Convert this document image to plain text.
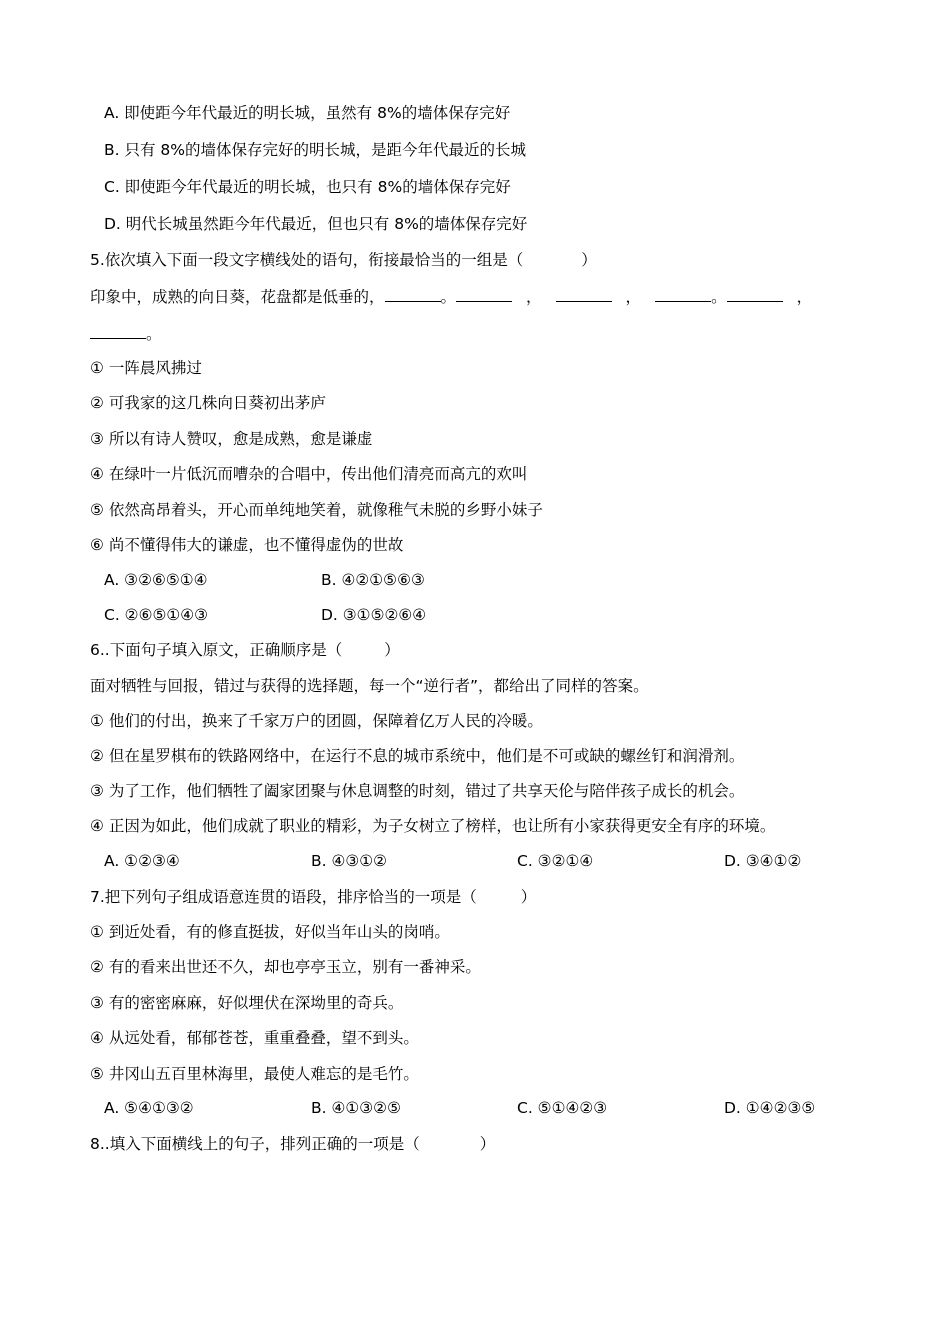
A. 即使距今年代最近的明长城，虽然有 8%的墙体保存完好
B. 只有 8%的墙体保存完好的明长城，是距今年代最近的长城
C. 即使距今年代最近的明长城，也只有 8%的墙体保存完好
D. 明代长城虽然距今年代最近，但也只有 8%的墙体保存完好
5.依次填入下面一段文字横线处的语句，衔接最恰当的一组是（	）
印象中，成熟的向日葵，花盘都是低垂的，	。	，	，	。	，
。
① 一阵晨风拂过
② 可我家的这几株向日葵初出茅庐
③ 所以有诗人赞叹，愈是成熟，愈是谦虚
④ 在绿叶一片低沉而嘈杂的合唱中，传出他们清亮而高亢的欢叫
⑤ 依然高昂着头，开心而单纯地笑着，就像稚气未脱的乡野小妹子
⑥ 尚不懂得伟大的谦虚，也不懂得虚伪的世故
A. ③②⑥⑤①④	B. ④②①⑤⑥③
C. ②⑥⑤①④③	D. ③①⑤②⑥④
6..下面句子填入原文，正确顺序是（	）
面对牺牲与回报，错过与获得的选择题，每一个“逆行者”，都给出了同样的答案。
① 他们的付出，换来了千家万户的团圆，保障着亿万人民的冷暖。
② 但在星罗棋布的铁路网络中，在运行不息的城市系统中，他们是不可或缺的螺丝钉和润滑剂。
③ 为了工作，他们牺牲了阖家团聚与休息调整的时刻，错过了共享天伦与陪伴孩子成长的机会。
④ 正因为如此，他们成就了职业的精彩，为子女树立了榜样，也让所有小家获得更安全有序的环境。
A. ①②③④	B. ④③①②	C. ③②①④	D. ③④①②
7.把下列句子组成语意连贯的语段，排序恰当的一项是（	）
① 到近处看，有的修直挺拔，好似当年山头的岗哨。
② 有的看来出世还不久，却也亭亭玉立，别有一番神采。
③ 有的密密麻麻，好似埋伏在深坳里的奇兵。
④ 从远处看，郁郁苍苍，重重叠叠，望不到头。
⑤ 井冈山五百里林海里，最使人难忘的是毛竹。
A. ⑤④①③②	B. ④①③②⑤	C. ⑤①④②③	D. ①④②③⑤
8..填入下面横线上的句子，排列正确的一项是（	）
